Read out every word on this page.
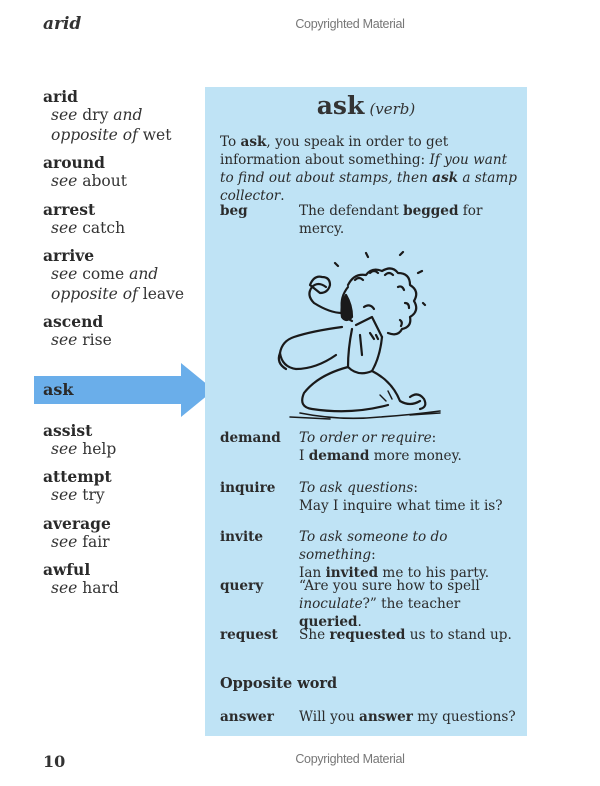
arid	Copyrighted Material
arid
see dry and
opposite of wet
around
see about
arrest
see catch
arrive
see come and
opposite of leave
ascend
see rise
assist
see help
attempt
see try
average
see fair
awful
see hard
ask
ask (verb)
To ask, you speak in order to get information about something: If you want to find out about stamps, then ask a stamp collector.
beg	The defendant begged for mercy.
demand To order or require:
I demand more money.
inquire To ask questions:
May I inquire what time it is?
invite	To ask someone to do something:
Ian invited me to his party.
query	“Are you sure how to spell inoculate?” the teacher queried.
request She requested us to stand up.
Opposite word
answer Will you answer my questions?
10	Copyrighted Material
